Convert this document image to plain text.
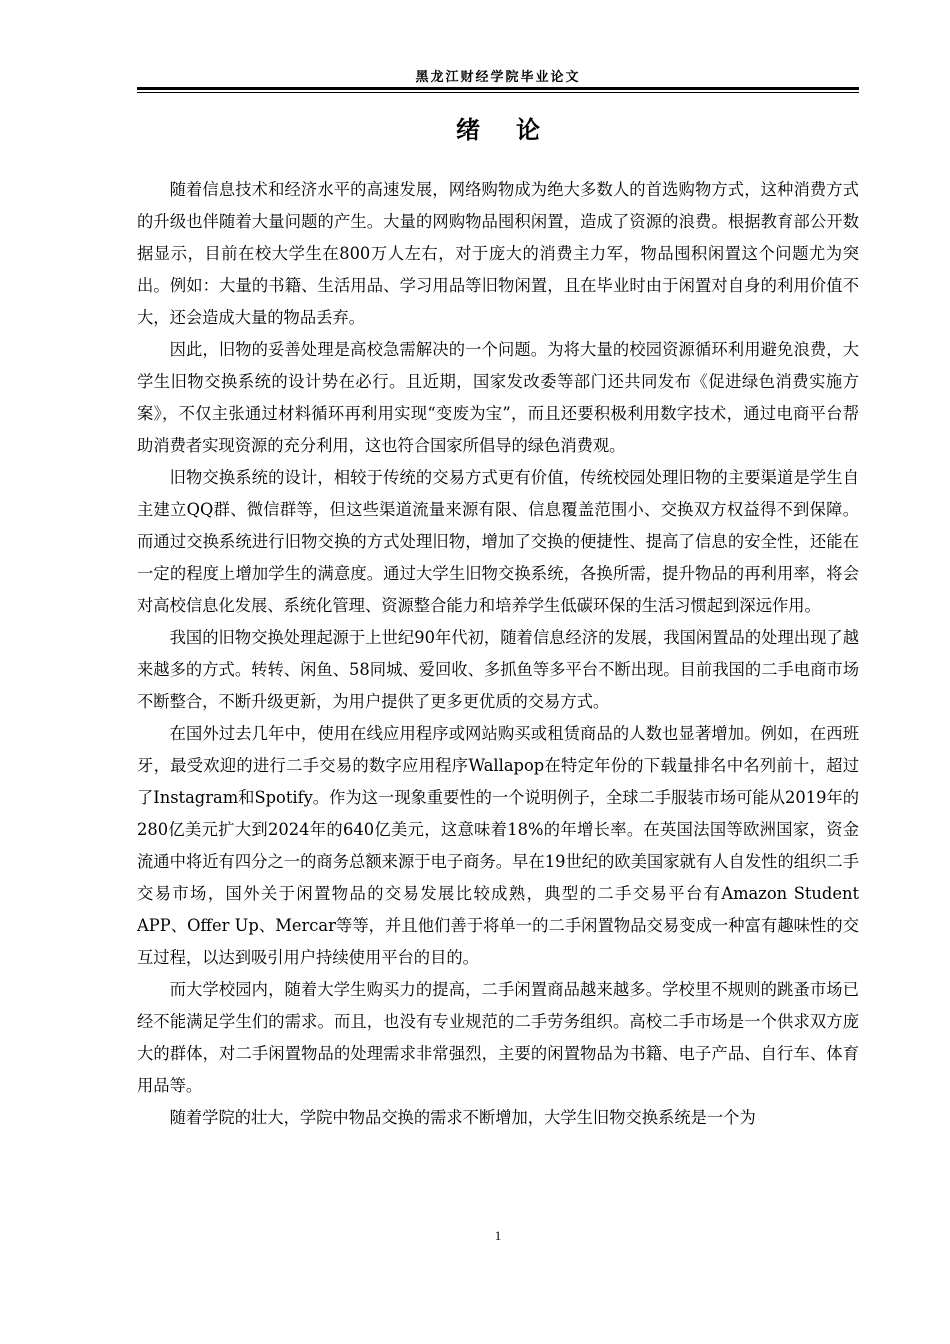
黑龙江财经学院毕业论文
绪论

随着信息技术和经济水平的高速发展，网络购物成为绝大多数人的首选购物方式，这种消费方式的升级也伴随着大量问题的产生。大量的网购物品囤积闲置，造成了资源的浪费。根据教育部公开数据显示，目前在校大学生在800万人左右，对于庞大的消费主力军，物品囤积闲置这个问题尤为突出。例如：大量的书籍、生活用品、学习用品等旧物闲置，且在毕业时由于闲置对自身的利用价值不大，还会造成大量的物品丢弃。

因此，旧物的妥善处理是高校急需解决的一个问题。为将大量的校园资源循环利用避免浪费，大学生旧物交换系统的设计势在必行。且近期，国家发改委等部门还共同发布《促进绿色消费实施方案》，不仅主张通过材料循环再利用实现“变废为宝”，而且还要积极利用数字技术，通过电商平台帮助消费者实现资源的充分利用，这也符合国家所倡导的绿色消费观。

旧物交换系统的设计，相较于传统的交易方式更有价值，传统校园处理旧物的主要渠道是学生自主建立QQ群、微信群等，但这些渠道流量来源有限、信息覆盖范围小、交换双方权益得不到保障。而通过交换系统进行旧物交换的方式处理旧物，增加了交换的便捷性、提高了信息的安全性，还能在一定的程度上增加学生的满意度。通过大学生旧物交换系统，各换所需，提升物品的再利用率，将会对高校信息化发展、系统化管理、资源整合能力和培养学生低碳环保的生活习惯起到深远作用。

我国的旧物交换处理起源于上世纪90年代初，随着信息经济的发展，我国闲置品的处理出现了越来越多的方式。转转、闲鱼、58同城、爱回收、多抓鱼等多平台不断出现。目前我国的二手电商市场不断整合，不断升级更新，为用户提供了更多更优质的交易方式。

在国外过去几年中，使用在线应用程序或网站购买或租赁商品的人数也显著增加。例如，在西班牙，最受欢迎的进行二手交易的数字应用程序Wallapop在特定年份的下载量排名中名列前十，超过了Instagram和Spotify。作为这一现象重要性的一个说明例子，全球二手服装市场可能从2019年的280亿美元扩大到2024年的640亿美元，这意味着18%的年增长率。在英国法国等欧洲国家，资金流通中将近有四分之一的商务总额来源于电子商务。早在19世纪的欧美国家就有人自发性的组织二手交易市场，国外关于闲置物品的交易发展比较成熟，典型的二手交易平台有Amazon Student APP、Offer Up、Mercar等等，并且他们善于将单一的二手闲置物品交易变成一种富有趣味性的交互过程，以达到吸引用户持续使用平台的目的。

而大学校园内，随着大学生购买力的提高，二手闲置商品越来越多。学校里不规则的跳蚤市场已经不能满足学生们的需求。而且，也没有专业规范的二手劳务组织。高校二手市场是一个供求双方庞大的群体，对二手闲置物品的处理需求非常强烈，主要的闲置物品为书籍、电子产品、自行车、体育用品等。

随着学院的壮大，学院中物品交换的需求不断增加，大学生旧物交换系统是一个为

1
